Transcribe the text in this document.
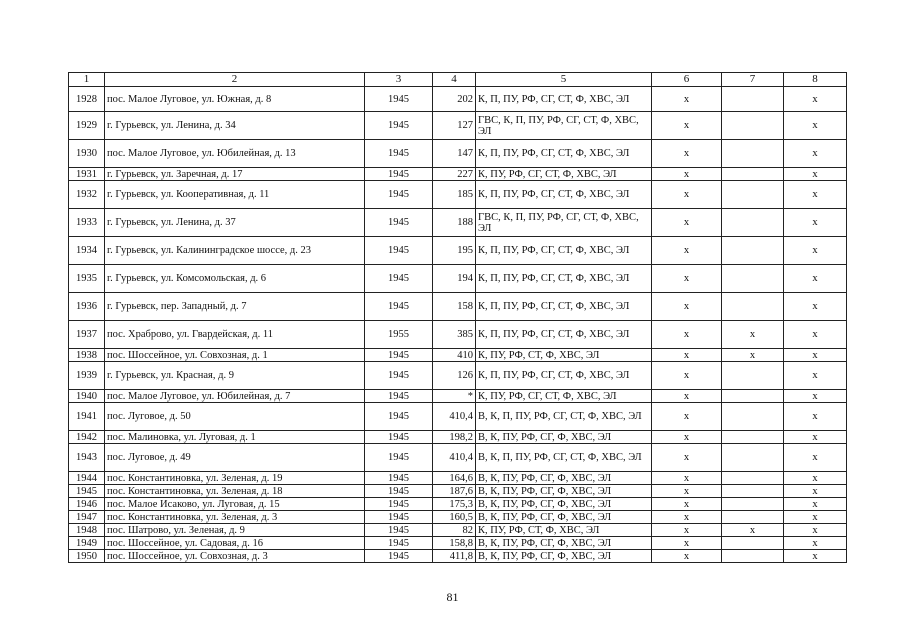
1	2	3	4	5	6	7	8
1928	пос. Малое Луговое, ул. Южная, д. 8	1945	202	К, П, ПУ, РФ, СГ, СТ, Ф, ХВС, ЭЛ	x		x
1929	г. Гурьевск, ул. Ленина, д. 34	1945	127	ГВС, К, П, ПУ, РФ, СГ, СТ, Ф, ХВС, ЭЛ	x		x
1930	пос. Малое Луговое, ул. Юбилейная, д. 13	1945	147	К, П, ПУ, РФ, СГ, СТ, Ф, ХВС, ЭЛ	x		x
1931	г. Гурьевск, ул. Заречная, д. 17	1945	227	К, ПУ, РФ, СГ, СТ, Ф, ХВС, ЭЛ	x		x
1932	г. Гурьевск, ул. Кооперативная, д. 11	1945	185	К, П, ПУ, РФ, СГ, СТ, Ф, ХВС, ЭЛ	x		x
1933	г. Гурьевск, ул. Ленина, д. 37	1945	188	ГВС, К, П, ПУ, РФ, СГ, СТ, Ф, ХВС, ЭЛ	x		x
1934	г. Гурьевск, ул. Калининградское шоссе, д. 23	1945	195	К, П, ПУ, РФ, СГ, СТ, Ф, ХВС, ЭЛ	x		x
1935	г. Гурьевск, ул. Комсомольская, д. 6	1945	194	К, П, ПУ, РФ, СГ, СТ, Ф, ХВС, ЭЛ	x		x
1936	г. Гурьевск, пер. Западный, д. 7	1945	158	К, П, ПУ, РФ, СГ, СТ, Ф, ХВС, ЭЛ	x		x
1937	пос. Храброво, ул. Гвардейская, д. 11	1955	385	К, П, ПУ, РФ, СГ, СТ, Ф, ХВС, ЭЛ	x	x	x
1938	пос. Шоссейное, ул. Совхозная, д. 1	1945	410	К, ПУ, РФ, СТ, Ф, ХВС, ЭЛ	x	x	x
1939	г. Гурьевск, ул. Красная, д. 9	1945	126	К, П, ПУ, РФ, СГ, СТ, Ф, ХВС, ЭЛ	x		x
1940	пос. Малое Луговое, ул. Юбилейная, д. 7	1945	*	К, ПУ, РФ, СГ, СТ, Ф, ХВС, ЭЛ	x		x
1941	пос. Луговое, д. 50	1945	410,4	В, К, П, ПУ, РФ, СГ, СТ, Ф, ХВС, ЭЛ	x		x
1942	пос. Малиновка, ул. Луговая, д. 1	1945	198,2	В, К, ПУ, РФ, СГ, Ф, ХВС, ЭЛ	x		x
1943	пос. Луговое, д. 49	1945	410,4	В, К, П, ПУ, РФ, СГ, СТ, Ф, ХВС, ЭЛ	x		x
1944	пос. Константиновка, ул. Зеленая, д. 19	1945	164,6	В, К, ПУ, РФ, СГ, Ф, ХВС, ЭЛ	x		x
1945	пос. Константиновка, ул. Зеленая, д. 18	1945	187,6	В, К, ПУ, РФ, СГ, Ф, ХВС, ЭЛ	x		x
1946	пос. Малое Исаково, ул. Луговая, д. 15	1945	175,3	В, К, ПУ, РФ, СГ, Ф, ХВС, ЭЛ	x		x
1947	пос. Константиновка, ул. Зеленая, д. 3	1945	160,5	В, К, ПУ, РФ, СГ, Ф, ХВС, ЭЛ	x		x
1948	пос. Шатрово, ул. Зеленая, д. 9	1945	82	К, ПУ, РФ, СТ, Ф, ХВС, ЭЛ	x	x	x
1949	пос. Шоссейное, ул. Садовая, д. 16	1945	158,8	В, К, ПУ, РФ, СГ, Ф, ХВС, ЭЛ	x		x
1950	пос. Шоссейное, ул. Совхозная, д. 3	1945	411,8	В, К, ПУ, РФ, СГ, Ф, ХВС, ЭЛ	x		x
81
